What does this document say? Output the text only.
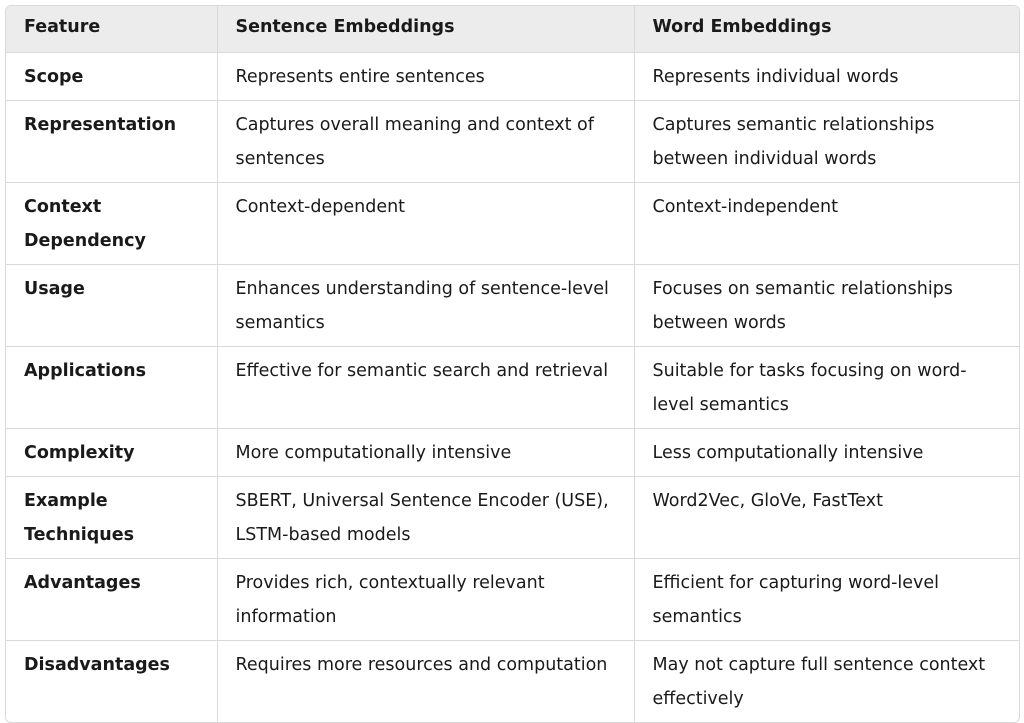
Feature	Sentence Embeddings	Word Embeddings
Scope	Represents entire sentences	Represents individual words
Representation	Captures overall meaning and context of sentences	Captures semantic relationships between individual words
Context Dependency	Context-dependent	Context-independent
Usage	Enhances understanding of sentence-level semantics	Focuses on semantic relationships between words
Applications	Effective for semantic search and retrieval	Suitable for tasks focusing on word-level semantics
Complexity	More computationally intensive	Less computationally intensive
Example Techniques	SBERT, Universal Sentence Encoder (USE), LSTM-based models	Word2Vec, GloVe, FastText
Advantages	Provides rich, contextually relevant information	Efficient for capturing word-level semantics
Disadvantages	Requires more resources and computation	May not capture full sentence context effectively
